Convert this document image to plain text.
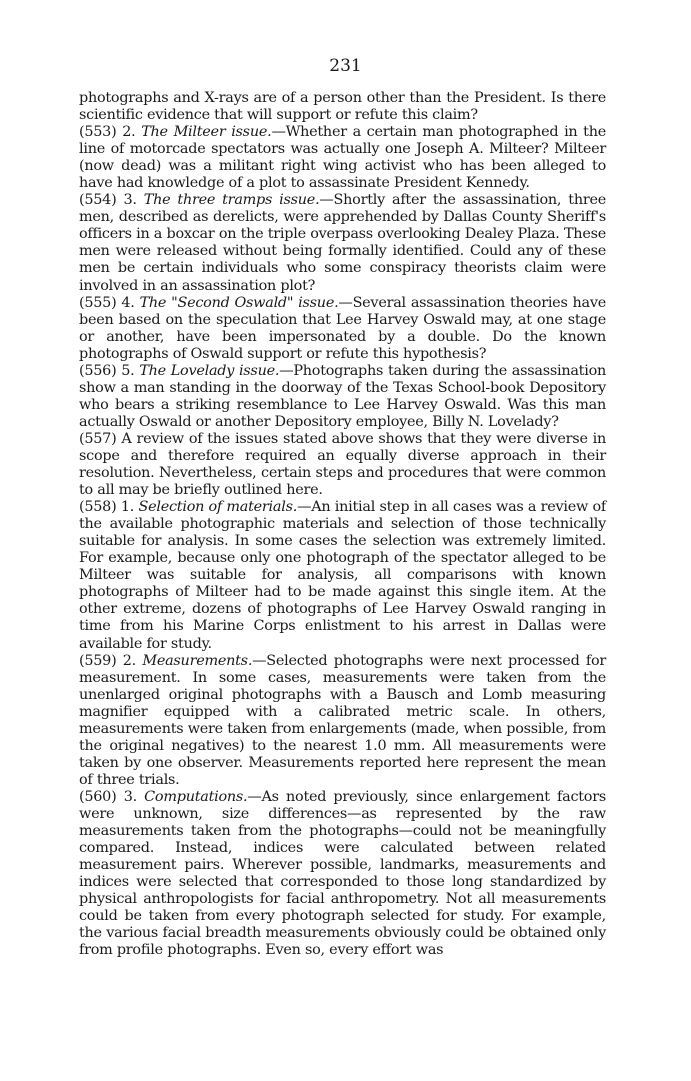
231

photographs and X-rays are of a person other than the President. Is there scientific evidence that will support or refute this claim?

(553) 2. The Milteer issue.—Whether a certain man photographed in the line of motorcade spectators was actually one Joseph A. Milteer? Milteer (now dead) was a militant right wing activist who has been alleged to have had knowledge of a plot to assassinate President Kennedy.

(554) 3. The three tramps issue.—Shortly after the assassination, three men, described as derelicts, were apprehended by Dallas County Sheriff's officers in a boxcar on the triple overpass overlooking Dealey Plaza. These men were released without being formally identified. Could any of these men be certain individuals who some conspiracy theorists claim were involved in an assassination plot?

(555) 4. The "Second Oswald" issue.—Several assassination theories have been based on the speculation that Lee Harvey Oswald may, at one stage or another, have been impersonated by a double. Do the known photographs of Oswald support or refute this hypothesis?

(556) 5. The Lovelady issue.—Photographs taken during the assassination show a man standing in the doorway of the Texas School-book Depository who bears a striking resemblance to Lee Harvey Oswald. Was this man actually Oswald or another Depository employee, Billy N. Lovelady?

(557) A review of the issues stated above shows that they were diverse in scope and therefore required an equally diverse approach in their resolution. Nevertheless, certain steps and procedures that were common to all may be briefly outlined here.

(558) 1. Selection of materials.—An initial step in all cases was a review of the available photographic materials and selection of those technically suitable for analysis. In some cases the selection was extremely limited. For example, because only one photograph of the spectator alleged to be Milteer was suitable for analysis, all comparisons with known photographs of Milteer had to be made against this single item. At the other extreme, dozens of photographs of Lee Harvey Oswald ranging in time from his Marine Corps enlistment to his arrest in Dallas were available for study.

(559) 2. Measurements.—Selected photographs were next processed for measurement. In some cases, measurements were taken from the unenlarged original photographs with a Bausch and Lomb measuring magnifier equipped with a calibrated metric scale. In others, measurements were taken from enlargements (made, when possible, from the original negatives) to the nearest 1.0 mm. All measurements were taken by one observer. Measurements reported here represent the mean of three trials.

(560) 3. Computations.—As noted previously, since enlargement factors were unknown, size differences—as represented by the raw measurements taken from the photographs—could not be meaningfully compared. Instead, indices were calculated between related measurement pairs. Wherever possible, landmarks, measurements and indices were selected that corresponded to those long standardized by physical anthropologists for facial anthropometry. Not all measurements could be taken from every photograph selected for study. For example, the various facial breadth measurements obviously could be obtained only from profile photographs. Even so, every effort was
